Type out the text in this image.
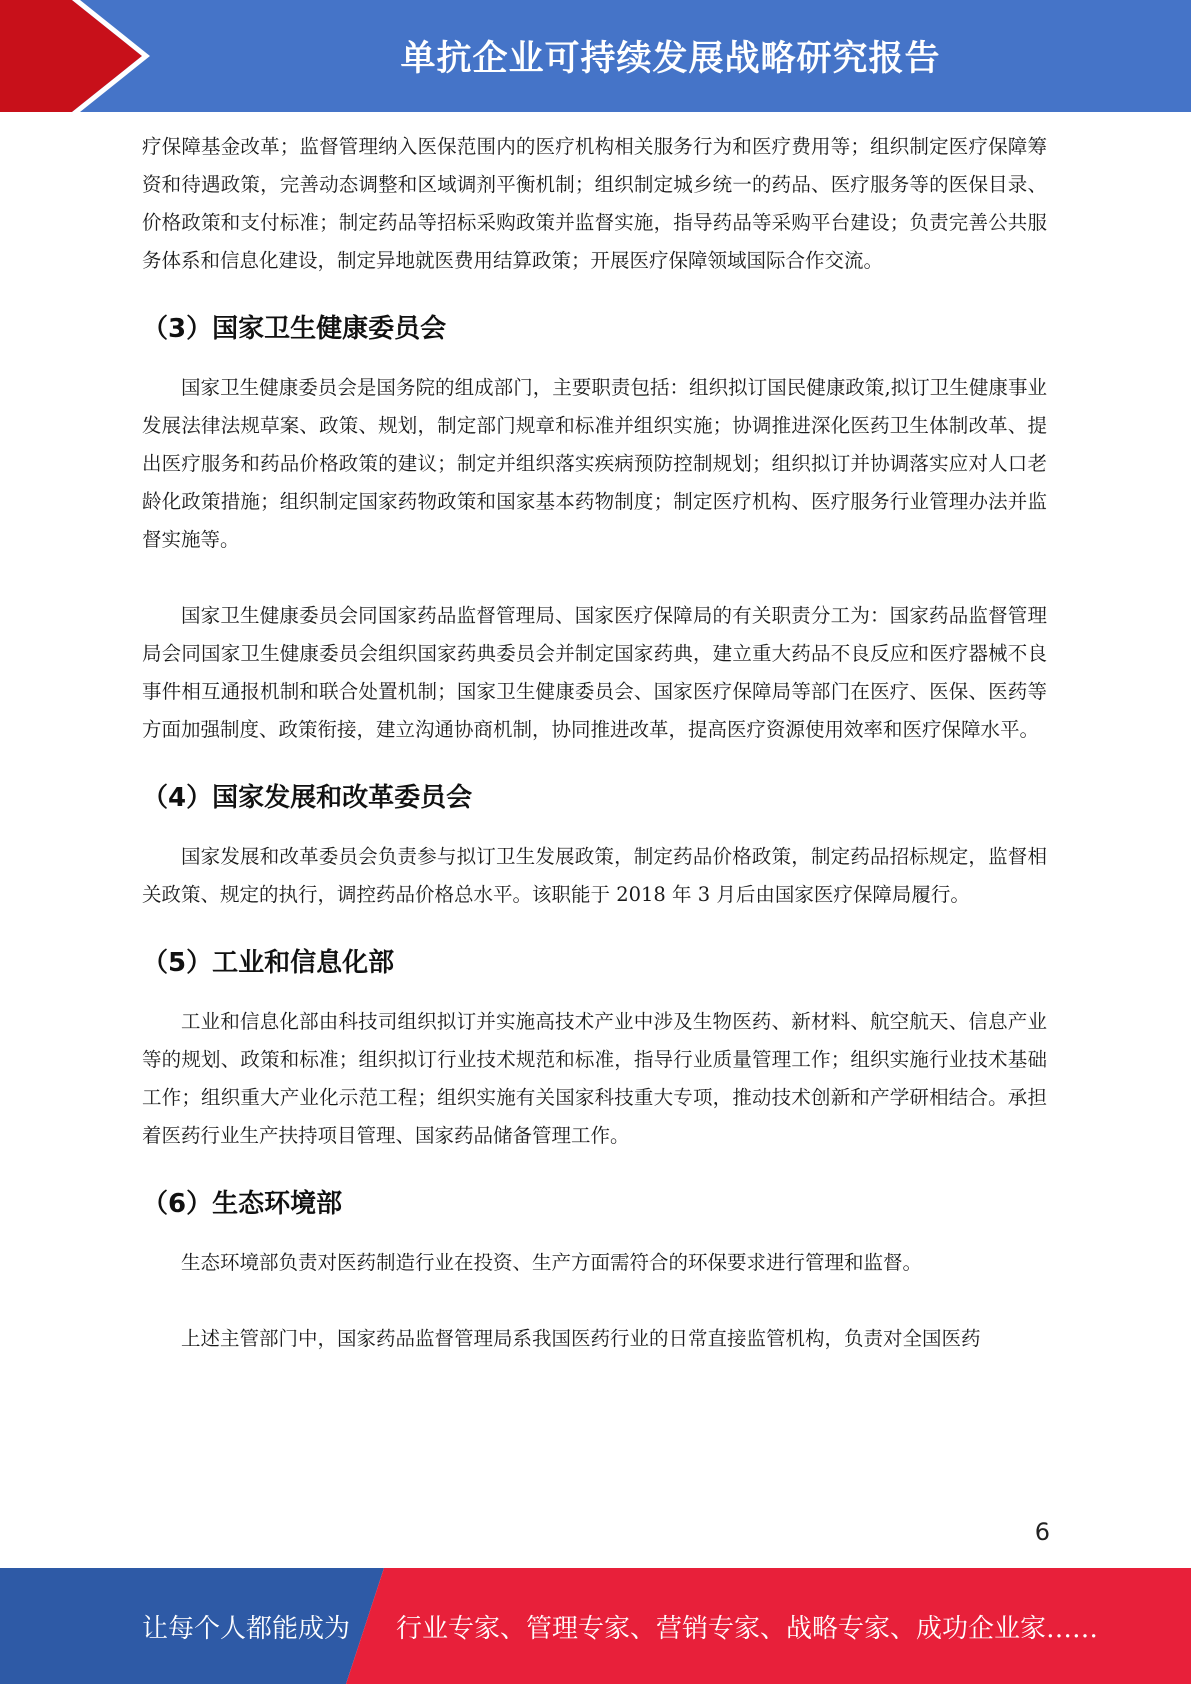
单抗企业可持续发展战略研究报告

疗保障基金改革；监督管理纳入医保范围内的医疗机构相关服务行为和医疗费用等；组织制定医疗保障筹资和待遇政策，完善动态调整和区域调剂平衡机制；组织制定城乡统一的药品、医疗服务等的医保目录、价格政策和支付标准；制定药品等招标采购政策并监督实施，指导药品等采购平台建设；负责完善公共服务体系和信息化建设，制定异地就医费用结算政策；开展医疗保障领域国际合作交流。

（3）国家卫生健康委员会

国家卫生健康委员会是国务院的组成部门，主要职责包括：组织拟订国民健康政策,拟订卫生健康事业发展法律法规草案、政策、规划，制定部门规章和标准并组织实施；协调推进深化医药卫生体制改革、提出医疗服务和药品价格政策的建议；制定并组织落实疾病预防控制规划；组织拟订并协调落实应对人口老龄化政策措施；组织制定国家药物政策和国家基本药物制度；制定医疗机构、医疗服务行业管理办法并监督实施等。

国家卫生健康委员会同国家药品监督管理局、国家医疗保障局的有关职责分工为：国家药品监督管理局会同国家卫生健康委员会组织国家药典委员会并制定国家药典，建立重大药品不良反应和医疗器械不良事件相互通报机制和联合处置机制；国家卫生健康委员会、国家医疗保障局等部门在医疗、医保、医药等方面加强制度、政策衔接，建立沟通协商机制，协同推进改革，提高医疗资源使用效率和医疗保障水平。

（4）国家发展和改革委员会

国家发展和改革委员会负责参与拟订卫生发展政策，制定药品价格政策，制定药品招标规定，监督相关政策、规定的执行，调控药品价格总水平。该职能于 2018 年 3 月后由国家医疗保障局履行。

（5）工业和信息化部

工业和信息化部由科技司组织拟订并实施高技术产业中涉及生物医药、新材料、航空航天、信息产业等的规划、政策和标准；组织拟订行业技术规范和标准，指导行业质量管理工作；组织实施行业技术基础工作；组织重大产业化示范工程；组织实施有关国家科技重大专项，推动技术创新和产学研相结合。承担着医药行业生产扶持项目管理、国家药品储备管理工作。

（6）生态环境部

生态环境部负责对医药制造行业在投资、生产方面需符合的环保要求进行管理和监督。

上述主管部门中，国家药品监督管理局系我国医药行业的日常直接监管机构，负责对全国医药

6
让每个人都能成为 行业专家、管理专家、营销专家、战略专家、成功企业家……
